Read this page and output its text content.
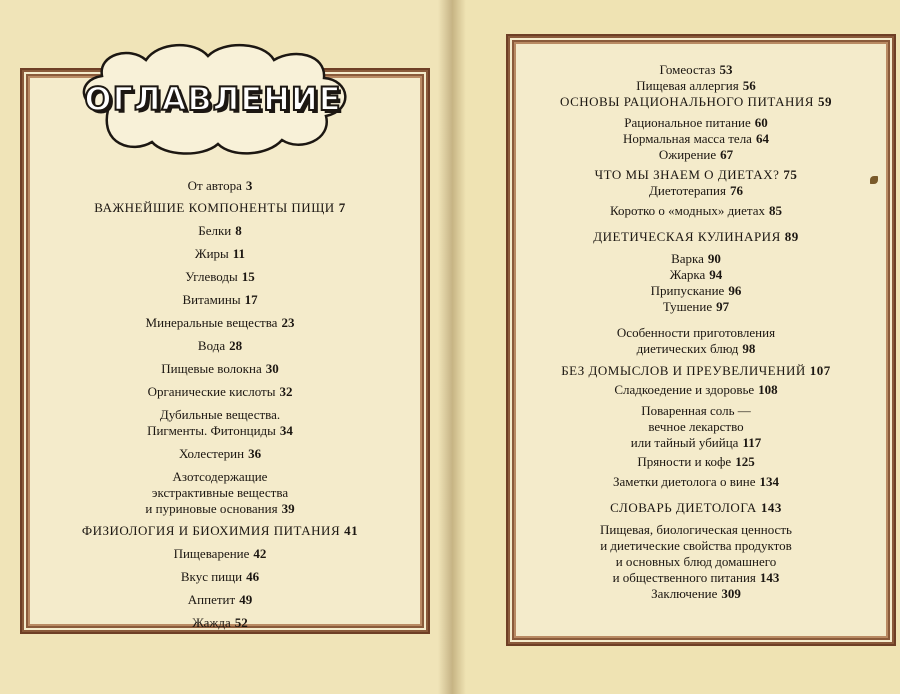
ОГЛАВЛЕНИЕ
От автора 3
ВАЖНЕЙШИЕ КОМПОНЕНТЫ ПИЩИ 7
Белки 8
Жиры 11
Углеводы 15
Витамины 17
Минеральные вещества 23
Вода 28
Пищевые волокна 30
Органические кислоты 32
Дубильные вещества.
Пигменты. Фитонциды 34
Холестерин 36
Азотсодержащие
экстрактивные вещества
и пуриновые основания 39
ФИЗИОЛОГИЯ И БИОХИМИЯ ПИТАНИЯ 41
Пищеварение 42
Вкус пищи 46
Аппетит 49
Жажда 52
Гомеостаз 53
Пищевая аллергия 56
ОСНОВЫ РАЦИОНАЛЬНОГО ПИТАНИЯ 59
Рациональное питание 60
Нормальная масса тела 64
Ожирение 67
ЧТО МЫ ЗНАЕМ О ДИЕТАХ? 75
Диетотерапия 76
Коротко о «модных» диетах 85
ДИЕТИЧЕСКАЯ КУЛИНАРИЯ 89
Варка 90
Жарка 94
Припускание 96
Тушение 97
Особенности приготовления
диетических блюд 98
БЕЗ ДОМЫСЛОВ И ПРЕУВЕЛИЧЕНИЙ 107
Сладкоедение и здоровье 108
Поваренная соль —
вечное лекарство
или тайный убийца 117
Пряности и кофе 125
Заметки диетолога о вине 134
СЛОВАРЬ ДИЕТОЛОГА 143
Пищевая, биологическая ценность
и диетические свойства продуктов
и основных блюд домашнего
и общественного питания 143
Заключение 309
